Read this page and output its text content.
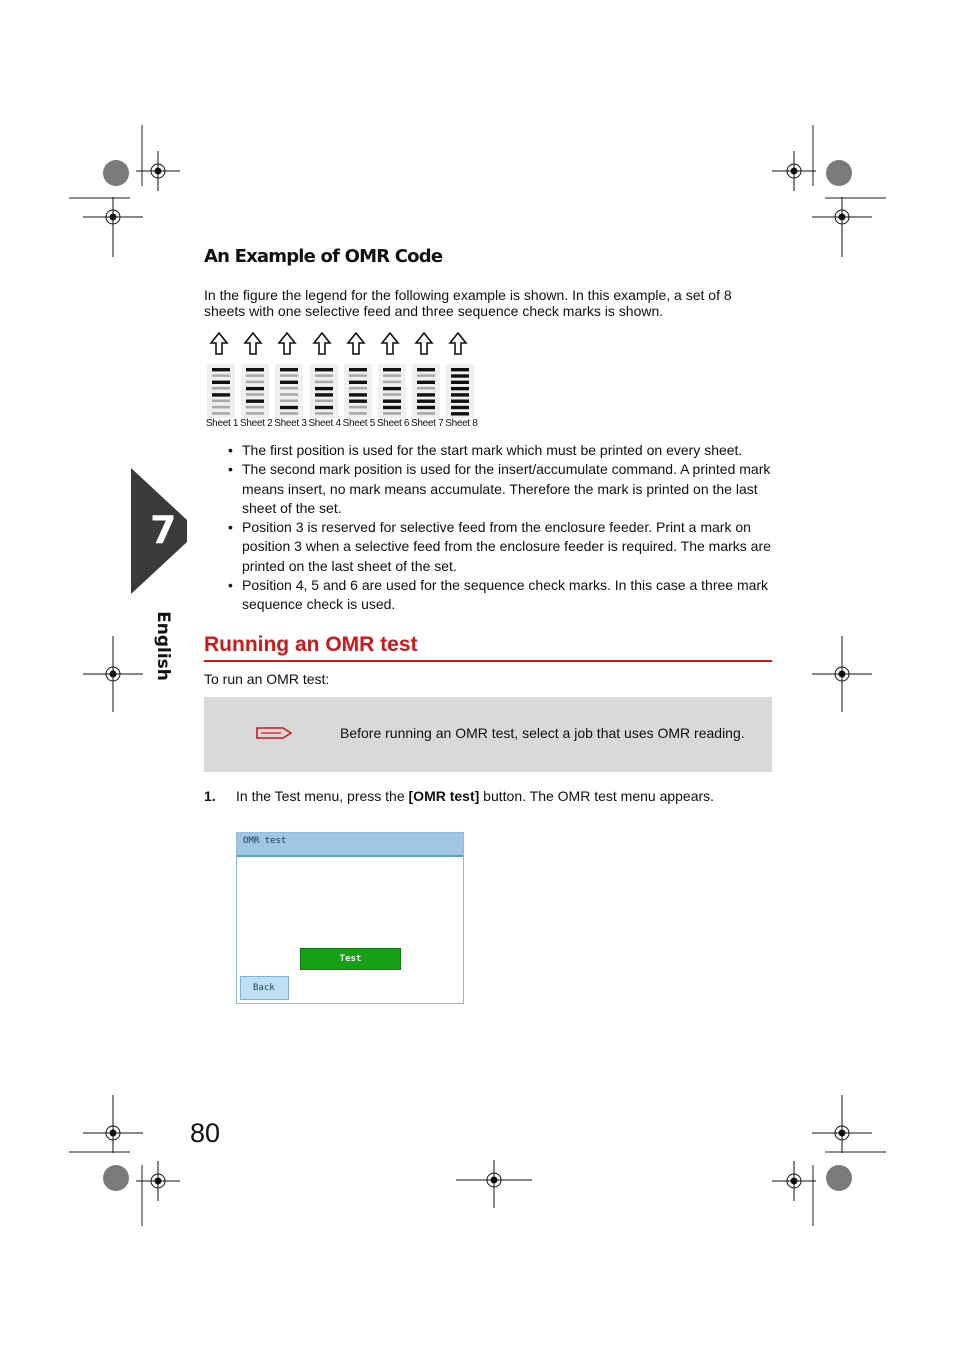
An Example of OMR Code
In the figure the legend for the following example is shown. In this example, a set of 8 sheets with one selective feed and three sequence check marks is shown.
Sheet 1 Sheet 2 Sheet 3 Sheet 4 Sheet 5 Sheet 6 Sheet 7 Sheet 8
• The first position is used for the start mark which must be printed on every sheet.
• The second mark position is used for the insert/accumulate command. A printed mark means insert, no mark means accumulate. Therefore the mark is printed on the last sheet of the set.
• Position 3 is reserved for selective feed from the enclosure feeder. Print a mark on position 3 when a selective feed from the enclosure feeder is required. The marks are printed on the last sheet of the set.
• Position 4, 5 and 6 are used for the sequence check marks. In this case a three mark sequence check is used.
7
English Running an OMR test
To run an OMR test:
Before running an OMR test, select a job that uses OMR reading.
1. In the Test menu, press the [OMR test] button. The OMR test menu appears.
OMR test
Test
Back
80
